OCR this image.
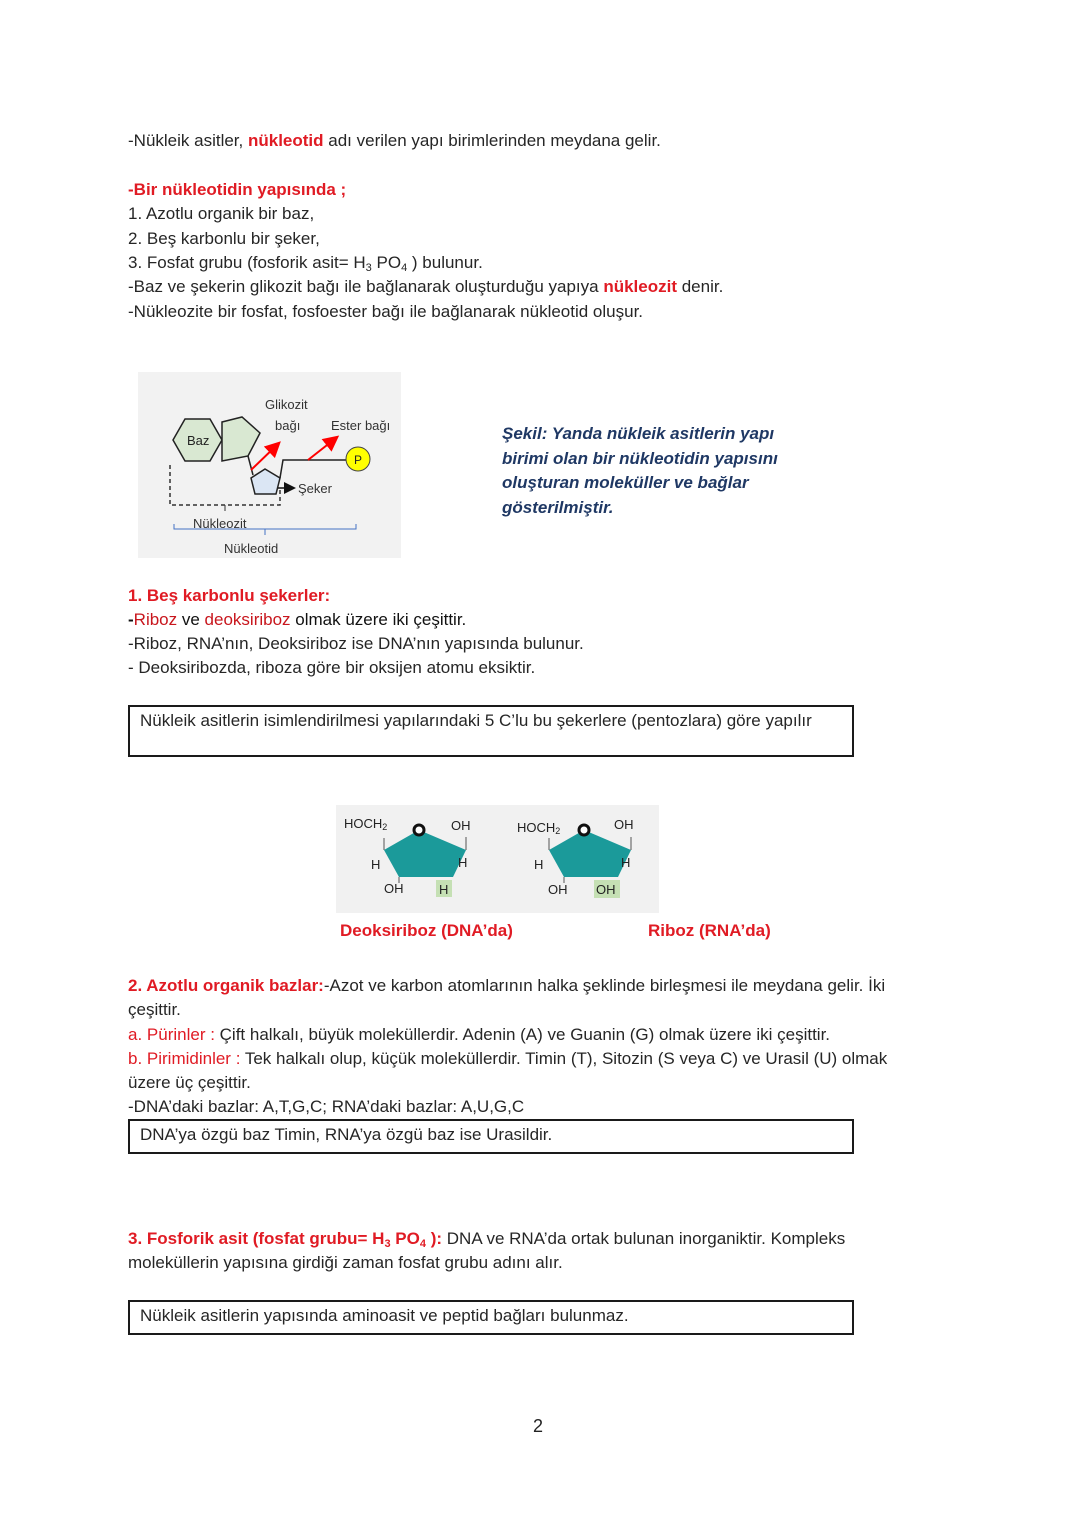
-Nükleik asitler, nükleotid adı verilen yapı birimlerinden meydana gelir.
-Bir nükleotidin yapısında ;
1. Azotlu organik bir baz,
2. Beş karbonlu bir şeker,
3. Fosfat grubu (fosforik asit= $H_3$ $PO_4$ ) bulunur.
-Baz ve şekerin glikozit bağı ile bağlanarak oluşturduğu yapıya nükleozit denir.
-Nükleozite bir fosfat, fosfoester bağı ile bağlanarak nükleotid oluşur.
P
Baz
Glikozit
bağı Ester bağı
Şeker
Nükleozit
Nükleotid
Şekil: Yanda nükleik asitlerin yapı birimi olan bir nükleotidin yapısını oluşturan moleküller ve bağlar gösterilmiştir.
1. Beş karbonlu şekerler:
-Riboz ve deoksiriboz olmak üzere iki çeşittir.
-Riboz, RNA’nın, Deoksiriboz ise DNA’nın yapısında bulunur.
- Deoksiribozda, riboza göre bir oksijen atomu eksiktir.
Nükleik asitlerin isimlendirilmesi yapılarındaki 5 C’lu bu şekerlere (pentozlara) göre yapılır
HOCH2	OH
H	H
OH	H
HOCH2	OH
H	H
OH OH
Deoksiriboz (DNA’da)	Riboz (RNA’da)
2. Azotlu organik bazlar:-Azot ve karbon atomlarının halka şeklinde birleşmesi ile meydana gelir. İki
çeşittir.
a. Pürinler : Çift halkalı, büyük moleküllerdir. Adenin (A) ve Guanin (G) olmak üzere iki çeşittir.
b. Pirimidinler : Tek halkalı olup, küçük moleküllerdir. Timin (T), Sitozin (S veya C) ve Urasil (U) olmak
üzere üç çeşittir.
-DNA’daki bazlar: A,T,G,C; RNA’daki bazlar: A,U,G,C
DNA’ya özgü baz Timin, RNA’ya özgü baz ise Urasildir.
3. Fosforik asit (fosfat grubu= $H_3$ $PO_4$ ): DNA ve RNA’da ortak bulunan inorganiktir. Kompleks
moleküllerin yapısına girdiği zaman fosfat grubu adını alır.
Nükleik asitlerin yapısında aminoasit ve peptid bağları bulunmaz.
2
